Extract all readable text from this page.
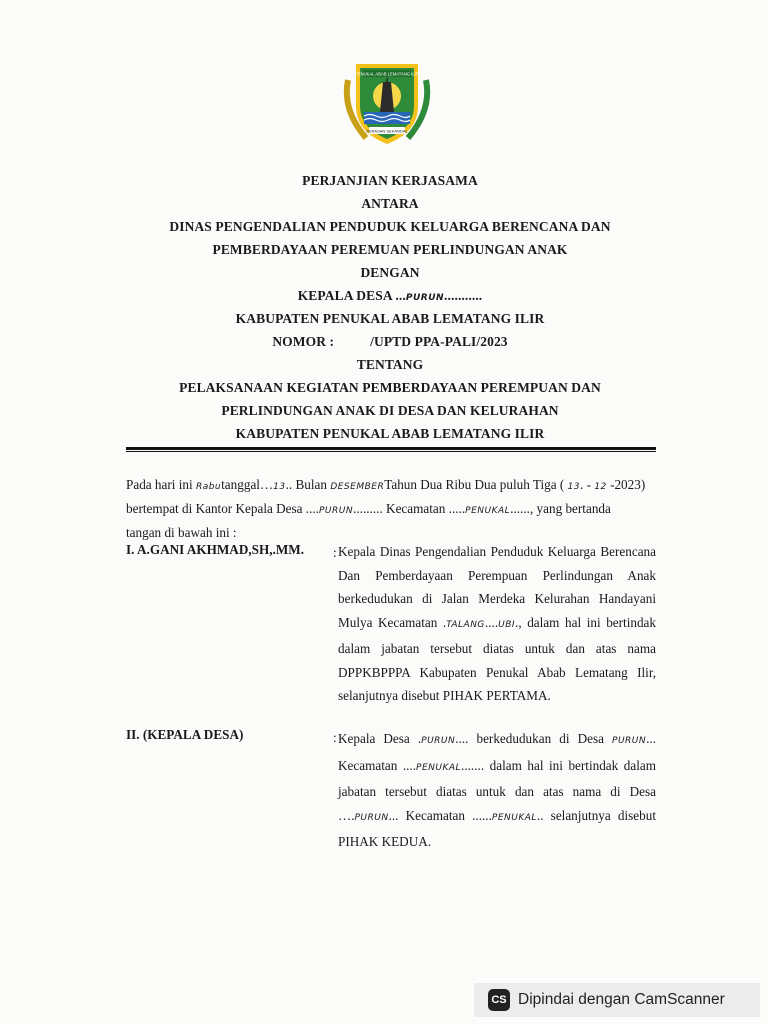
PENUKAL ABAB LEMATANG ILIR
SERASAN SEKANDAL
PERJANJIAN KERJASAMA
ANTARA
DINAS PENGENDALIAN PENDUDUK KELUARGA BERENCANA DAN
PEMBERDAYAAN PEREMUAN PERLINDUNGAN ANAK
DENGAN
KEPALA DESA ...PURUN...........
KABUPATEN PENUKAL ABAB LEMATANG ILIR
NOMOR :	/UPTD PPA-PALI/2023
TENTANG
PELAKSANAAN KEGIATAN PEMBERDAYAAN PEREMPUAN DAN
PERLINDUNGAN ANAK DI DESA DAN KELURAHAN
KABUPATEN PENUKAL ABAB LEMATANG ILIR
Pada hari ini Rabutanggal…13.. Bulan DESEMBERTahun Dua Ribu Dua puluh Tiga ( 13. - 12 -2023)
bertempat di Kantor Kepala Desa ....PURUN......... Kecamatan .....PENUKAL......, yang bertanda
tangan di bawah ini :
I. A.GANI AKHMAD,SH,.MM. : Kepala Dinas Pengendalian Penduduk Keluarga Berencana Dan Pemberdayaan Perempuan Perlindungan Anak berkedudukan di Jalan Merdeka Kelurahan Handayani Mulya Kecamatan .TALANG....UBI., dalam hal ini bertindak dalam jabatan tersebut diatas untuk dan atas nama DPPKBPPPA Kabupaten Penukal Abab Lematang Ilir, selanjutnya disebut PIHAK PERTAMA.
II. (KEPALA DESA)	: Kepala Desa .PURUN.... berkedudukan di Desa PURUN... Kecamatan ....PENUKAL....... dalam hal ini bertindak dalam jabatan tersebut diatas untuk dan atas nama di Desa ….PURUN... Kecamatan ......PENUKAL.. selanjutnya disebut PIHAK KEDUA.
CS Dipindai dengan CamScanner
